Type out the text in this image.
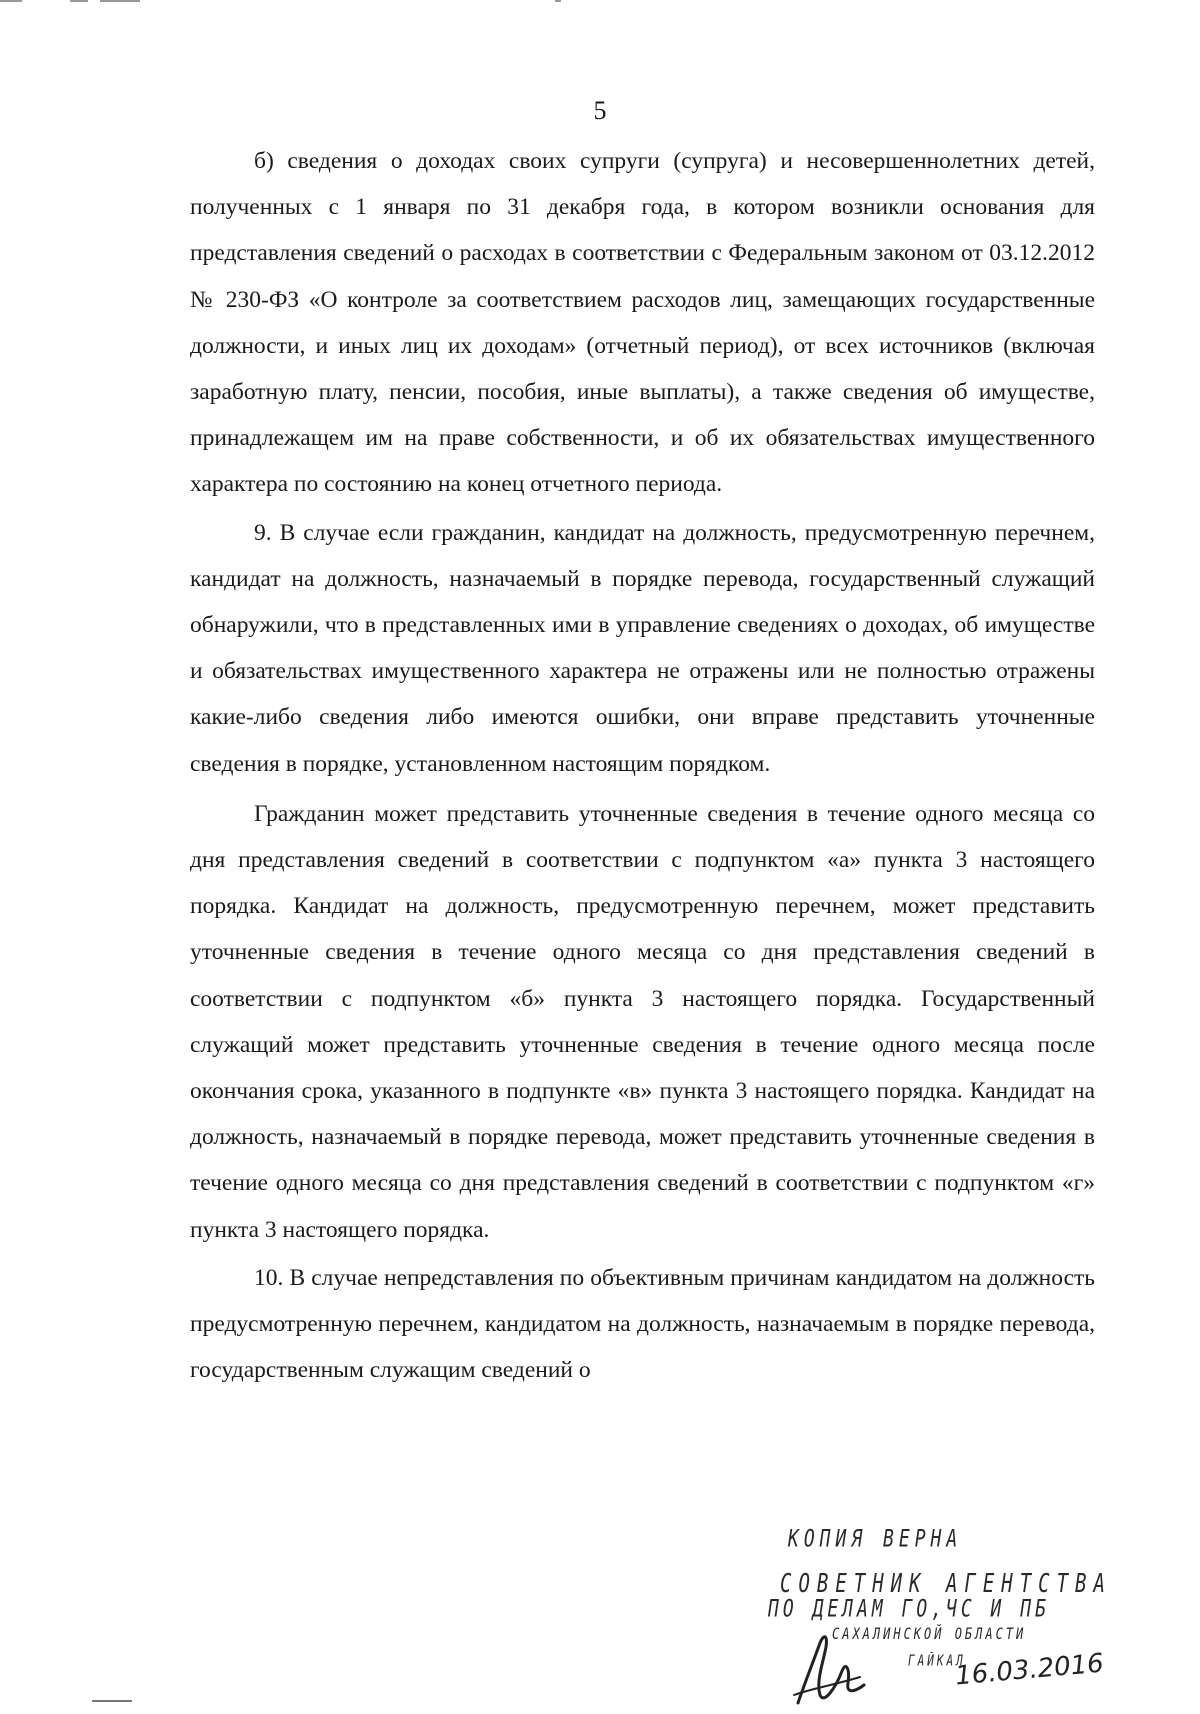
5

б) сведения о доходах своих супруги (супруга) и несовершеннолетних детей, полученных с 1 января по 31 декабря года, в котором возникли основания для представления сведений о расходах в соответствии с Федеральным законом от 03.12.2012 № 230-ФЗ «О контроле за соответствием расходов лиц, замещающих государственные должности, и иных лиц их доходам» (отчетный период), от всех источников (включая заработную плату, пенсии, пособия, иные выплаты), а также сведения об имуществе, принадлежащем им на праве собственности, и об их обязательствах имущественного характера по состоянию на конец отчетного периода.

9. В случае если гражданин, кандидат на должность, предусмотренную перечнем, кандидат на должность, назначаемый в порядке перевода, государственный служащий обнаружили, что в представленных ими в управление сведениях о доходах, об имуществе и обязательствах имущественного характера не отражены или не полностью отражены какие-либо сведения либо имеются ошибки, они вправе представить уточненные сведения в порядке, установленном настоящим порядком.

Гражданин может представить уточненные сведения в течение одного месяца со дня представления сведений в соответствии с подпунктом «а» пункта 3 настоящего порядка. Кандидат на должность, предусмотренную перечнем, может представить уточненные сведения в течение одного месяца со дня представления сведений в соответствии с подпунктом «б» пункта 3 настоящего порядка. Государственный служащий может представить уточненные сведения в течение одного месяца после окончания срока, указанного в подпункте «в» пункта 3 настоящего порядка. Кандидат на должность, назначаемый в порядке перевода, может представить уточненные сведения в течение одного месяца со дня представления сведений в соответствии с подпунктом «г» пункта 3 настоящего порядка.

10. В случае непредставления по объективным причинам кандидатом на должность предусмотренную перечнем, кандидатом на должность, назначаемым в порядке перевода, государственным служащим сведений о

КОПИЯ ВЕРНА
СОВЕТНИК АГЕНТСТВА
ПО ДЕЛАМ ГО,ЧС И ПБ
САХАЛИНСКОЙ ОБЛАСТИ
ГАЙКАЛ
16.03.2016
